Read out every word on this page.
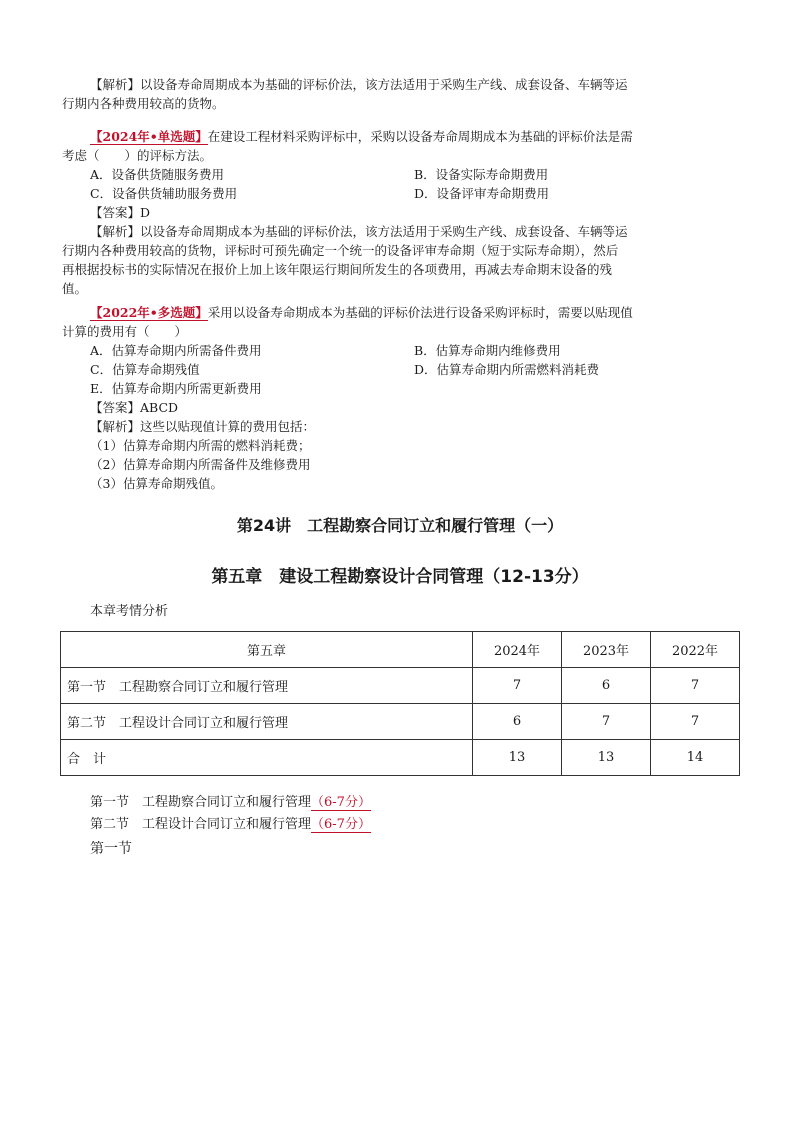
【解析】以设备寿命周期成本为基础的评标价法，该方法适用于采购生产线、成套设备、车辆等运
行期内各种费用较高的货物。
【2024年•单选题】在建设工程材料采购评标中，采购以设备寿命周期成本为基础的评标价法是需
考虑（　　）的评标方法。
A．设备供货随服务费用	B．设备实际寿命期费用
C．设备供货辅助服务费用	D．设备评审寿命期费用
【答案】D
【解析】以设备寿命周期成本为基础的评标价法，该方法适用于采购生产线、成套设备、车辆等运
行期内各种费用较高的货物，评标时可预先确定一个统一的设备评审寿命期（短于实际寿命期），然后
再根据投标书的实际情况在报价上加上该年限运行期间所发生的各项费用，再减去寿命期末设备的残
值。
【2022年•多选题】采用以设备寿命期成本为基础的评标价法进行设备采购评标时，需要以贴现值
计算的费用有（　　）
A．估算寿命期内所需备件费用	B．估算寿命期内维修费用
C．估算寿命期残值	D．估算寿命期内所需燃料消耗费
E．估算寿命期内所需更新费用
【答案】ABCD
【解析】这些以贴现值计算的费用包括：
（1）估算寿命期内所需的燃料消耗费；
（2）估算寿命期内所需备件及维修费用
（3）估算寿命期残值。
第24讲　工程勘察合同订立和履行管理（一）
第五章　建设工程勘察设计合同管理（12-13分）
本章考情分析
第五章	2024年	2023年	2022年
第一节　工程勘察合同订立和履行管理	7	6	7
第二节　工程设计合同订立和履行管理	6	7	7
合　计	13	13	14
第一节　工程勘察合同订立和履行管理（6-7分）
第二节　工程设计合同订立和履行管理（6-7分）
第一节
